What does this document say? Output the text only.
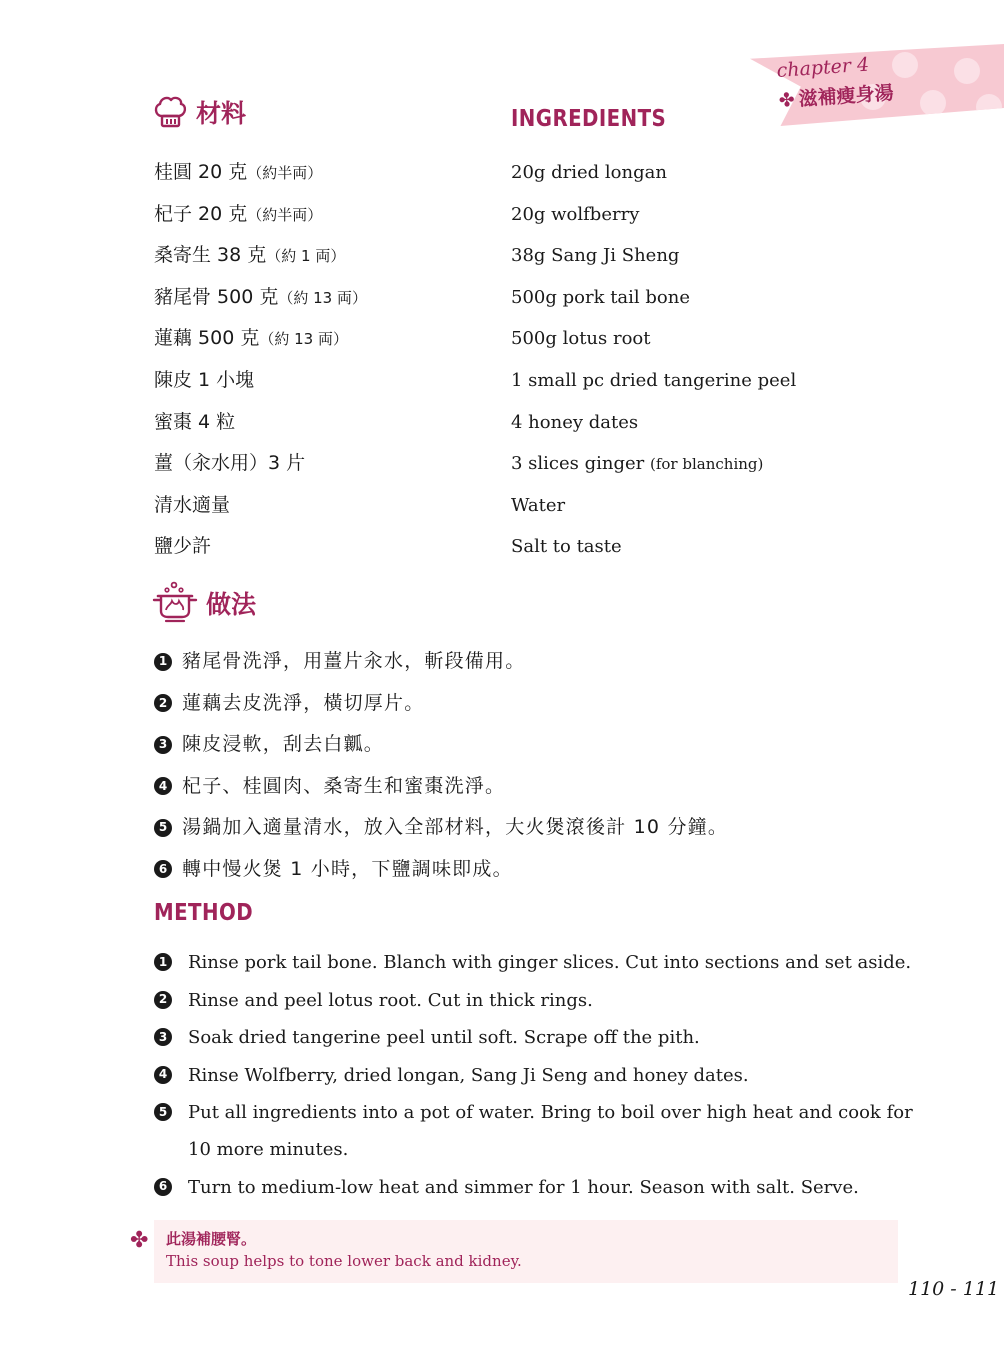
chapter 4
✤ 滋補瘦身湯
材料	INGREDIENTS
桂圓 20 克（約半両）
杞子 20 克（約半両）
桑寄生 38 克（約 1 両）
豬尾骨 500 克（約 13 両）
蓮藕 500 克（約 13 両）
陳皮 1 小塊
蜜棗 4 粒
薑（汆水用）3 片
清水適量
鹽少許
20g dried longan
20g wolfberry
38g Sang Ji Sheng
500g pork tail bone
500g lotus root
1 small pc dried tangerine peel
4 honey dates
3 slices ginger (for blanching)
Water
Salt to taste
做法
1 豬尾骨洗淨，用薑片汆水，斬段備用。
2 蓮藕去皮洗淨，橫切厚片。
3 陳皮浸軟，刮去白瓤。
4 杞子、桂圓肉、桑寄生和蜜棗洗淨。
5 湯鍋加入適量清水，放入全部材料，大火煲滾後計 10 分鐘。
6 轉中慢火煲 1 小時，下鹽調味即成。
METHOD
1 Rinse pork tail bone. Blanch with ginger slices. Cut into sections and set aside.
2 Rinse and peel lotus root. Cut in thick rings.
3 Soak dried tangerine peel until soft. Scrape off the pith.
4 Rinse Wolfberry, dried longan, Sang Ji Seng and honey dates.
5 Put all ingredients into a pot of water. Bring to boil over high heat and cook for 10 more minutes.
6 Turn to medium-low heat and simmer for 1 hour. Season with salt. Serve.
✤ 此湯補腰腎。
This soup helps to tone lower back and kidney.
110 - 111
